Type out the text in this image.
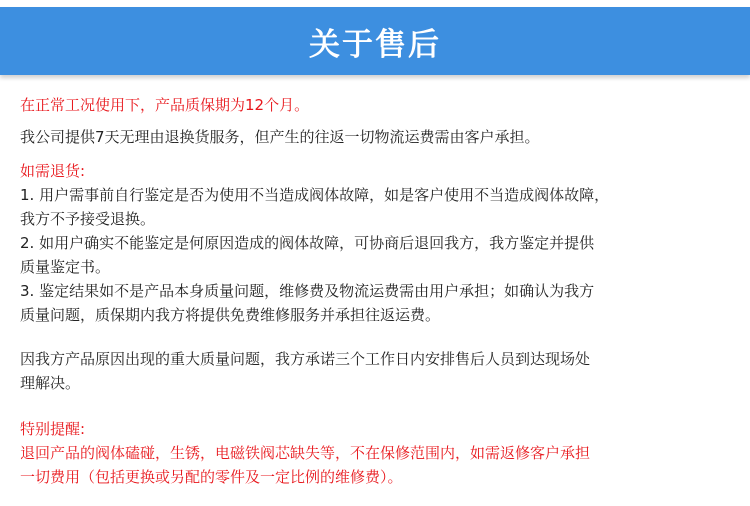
关于售后
在正常工况使用下，产品质保期为12个月。
我公司提供7天无理由退换货服务，但产生的往返一切物流运费需由客户承担。
如需退货:
1. 用户需事前自行鉴定是否为使用不当造成阀体故障，如是客户使用不当造成阀体故障，
我方不予接受退换。
2. 如用户确实不能鉴定是何原因造成的阀体故障，可协商后退回我方，我方鉴定并提供
质量鉴定书。
3. 鉴定结果如不是产品本身质量问题，维修费及物流运费需由用户承担；如确认为我方
质量问题，质保期内我方将提供免费维修服务并承担往返运费。
因我方产品原因出现的重大质量问题，我方承诺三个工作日内安排售后人员到达现场处
理解决。
特别提醒:
退回产品的阀体磕碰，生锈，电磁铁阀芯缺失等，不在保修范围内，如需返修客户承担
一切费用（包括更换或另配的零件及一定比例的维修费）。
